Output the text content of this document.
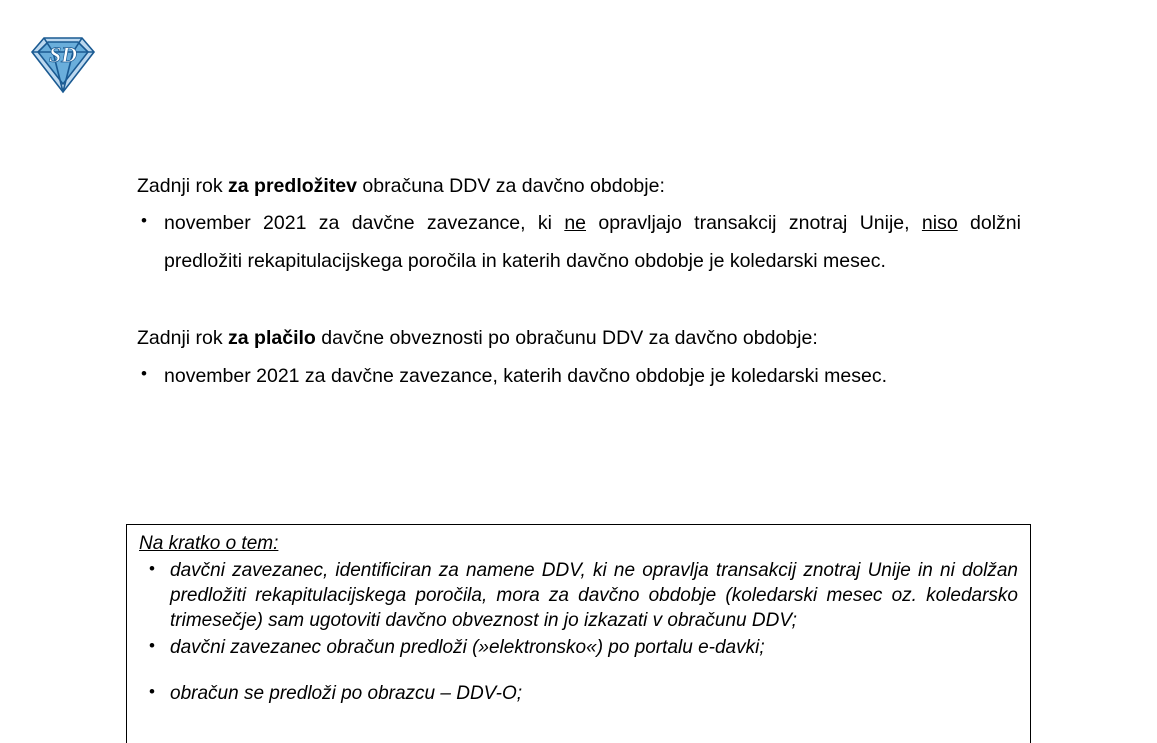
SD

Zadnji rok za predložitev obračuna DDV za davčno obdobje:

• november 2021 za davčne zavezance, ki ne opravljajo transakcij znotraj Unije, niso dolžni predložiti rekapitulacijskega poročila in katerih davčno obdobje je koledarski mesec.

Zadnji rok za plačilo davčne obveznosti po obračunu DDV za davčno obdobje:

• november 2021 za davčne zavezance, katerih davčno obdobje je koledarski mesec.
Na kratko o tem:
• davčni zavezanec, identificiran za namene DDV, ki ne opravlja transakcij znotraj Unije in ni dolžan predložiti rekapitulacijskega poročila, mora za davčno obdobje (koledarski mesec oz. koledarsko trimesečje) sam ugotoviti davčno obveznost in jo izkazati v obračunu DDV;
• davčni zavezanec obračun predloži (»elektronsko«) po portalu e-davki;
• obračun se predloži po obrazcu – DDV-O;
